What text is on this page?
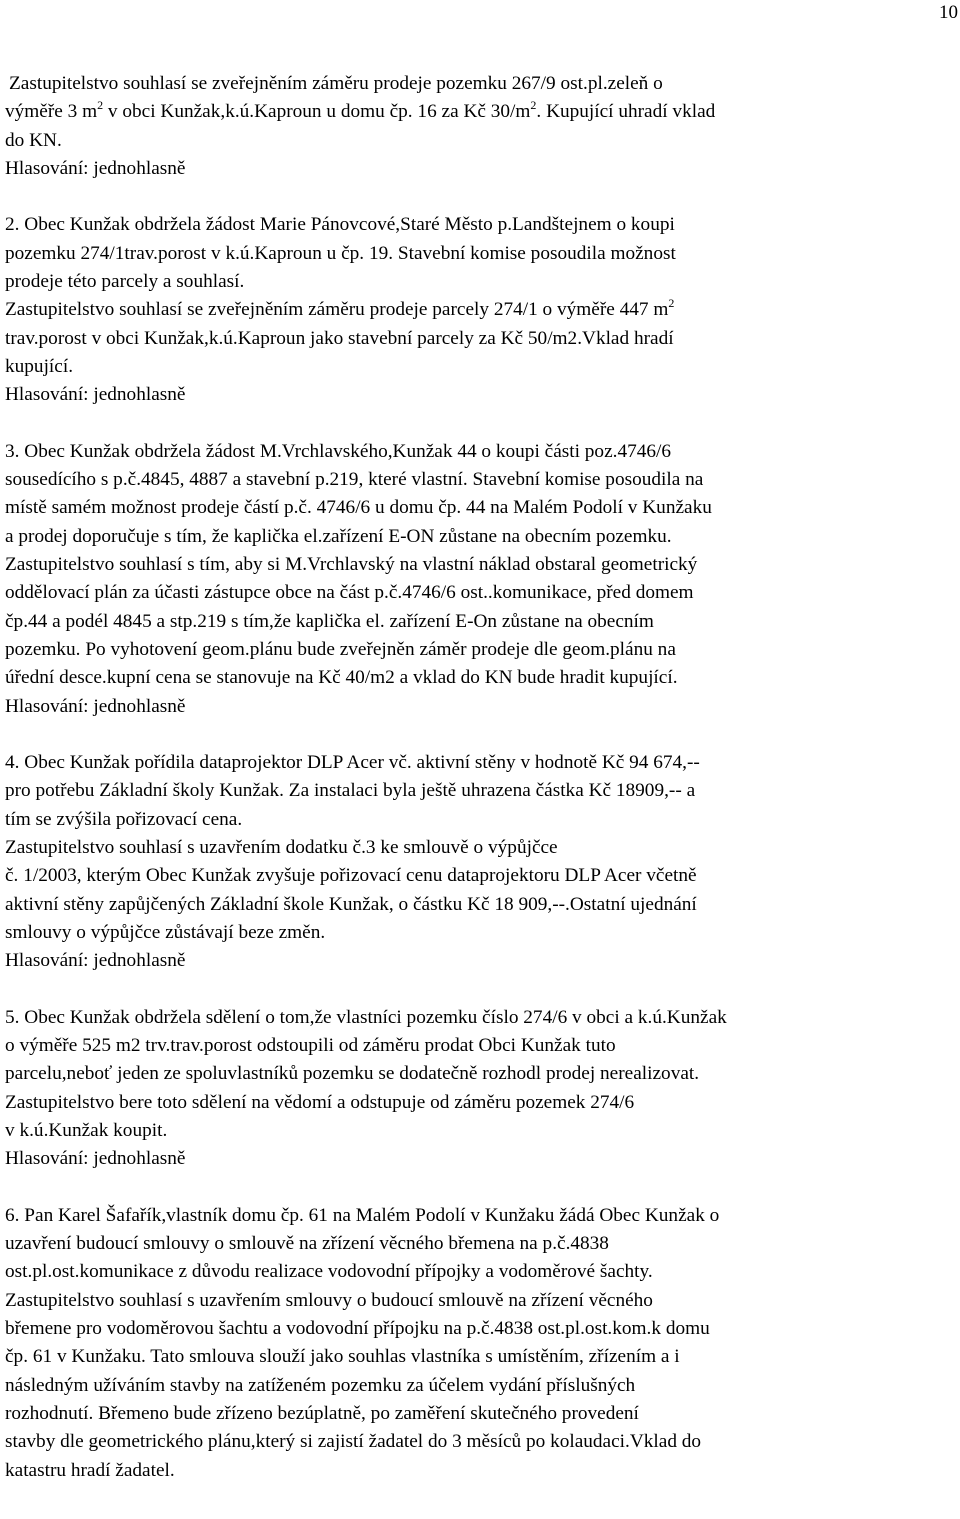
10
Zastupitelstvo souhlasí se zveřejněním záměru prodeje pozemku 267/9 ost.pl.zeleň o
výměře 3 $m^2$ v obci Kunžak,k.ú.Kaproun u domu čp. 16 za Kč $30/m^2$. Kupující uhradí vklad
do KN.
Hlasování: jednohlasně
2. Obec Kunžak obdržela žádost Marie Pánovcové,Staré Město p.Landštejnem o koupi
pozemku 274/1trav.porost v k.ú.Kaproun u čp. 19. Stavební komise posoudila možnost
prodeje této parcely a souhlasí.
Zastupitelstvo souhlasí se zveřejněním záměru prodeje parcely 274/1 o výměře 447 $m^2$
trav.porost v obci Kunžak,k.ú.Kaproun jako stavební parcely za Kč 50/m2.Vklad hradí
kupující.
Hlasování: jednohlasně
3. Obec Kunžak obdržela žádost M.Vrchlavského,Kunžak 44 o koupi části poz.4746/6
sousedícího s p.č.4845, 4887 a stavební p.219, které vlastní. Stavební komise posoudila na
místě samém možnost prodeje částí p.č. 4746/6 u domu čp. 44 na Malém Podolí v Kunžaku
a prodej doporučuje s tím, že kaplička el.zařízení E-ON zůstane na obecním pozemku.
Zastupitelstvo souhlasí s tím, aby si M.Vrchlavský na vlastní náklad obstaral geometrický
oddělovací plán za účasti zástupce obce na část p.č.4746/6 ost..komunikace, před domem
čp.44 a podél 4845 a stp.219 s tím,že kaplička el. zařízení E-On zůstane na obecním
pozemku. Po vyhotovení geom.plánu bude zveřejněn záměr prodeje dle geom.plánu na
úřední desce.kupní cena se stanovuje na Kč 40/m2 a vklad do KN bude hradit kupující.
Hlasování: jednohlasně
4. Obec Kunžak pořídila dataprojektor DLP Acer vč. aktivní stěny v hodnotě Kč 94 674,--
pro potřebu Základní školy Kunžak. Za instalaci byla ještě uhrazena částka Kč 18909,-- a
tím se zvýšila pořizovací cena.
Zastupitelstvo souhlasí s uzavřením dodatku č.3 ke smlouvě o výpůjčce
č. 1/2003, kterým Obec Kunžak zvyšuje pořizovací cenu dataprojektoru DLP Acer včetně
aktivní stěny zapůjčených Základní škole Kunžak, o částku Kč 18 909,--.Ostatní ujednání
smlouvy o výpůjčce zůstávají beze změn.
Hlasování: jednohlasně
5. Obec Kunžak obdržela sdělení o tom,že vlastníci pozemku číslo 274/6 v obci a k.ú.Kunžak
o výměře 525 m2 trv.trav.porost odstoupili od záměru prodat Obci Kunžak tuto
parcelu,neboť jeden ze spoluvlastníků pozemku se dodatečně rozhodl prodej nerealizovat.
Zastupitelstvo bere toto sdělení na vědomí a odstupuje od záměru pozemek 274/6
v k.ú.Kunžak koupit.
Hlasování: jednohlasně
6. Pan Karel Šafařík,vlastník domu čp. 61 na Malém Podolí v Kunžaku žádá Obec Kunžak o
uzavření budoucí smlouvy o smlouvě na zřízení věcného břemena na p.č.4838
ost.pl.ost.komunikace z důvodu realizace vodovodní přípojky a vodoměrové šachty.
Zastupitelstvo souhlasí s uzavřením smlouvy o budoucí smlouvě na zřízení věcného
břemene pro vodoměrovou šachtu a vodovodní přípojku na p.č.4838 ost.pl.ost.kom.k domu
čp. 61 v Kunžaku. Tato smlouva slouží jako souhlas vlastníka s umístěním, zřízením a i
následným užíváním stavby na zatíženém pozemku za účelem vydání příslušných
rozhodnutí. Břemeno bude zřízeno bezúplatně, po zaměření skutečného provedení
stavby dle geometrického plánu,který si zajistí žadatel do 3 měsíců po kolaudaci.Vklad do
katastru hradí žadatel.
